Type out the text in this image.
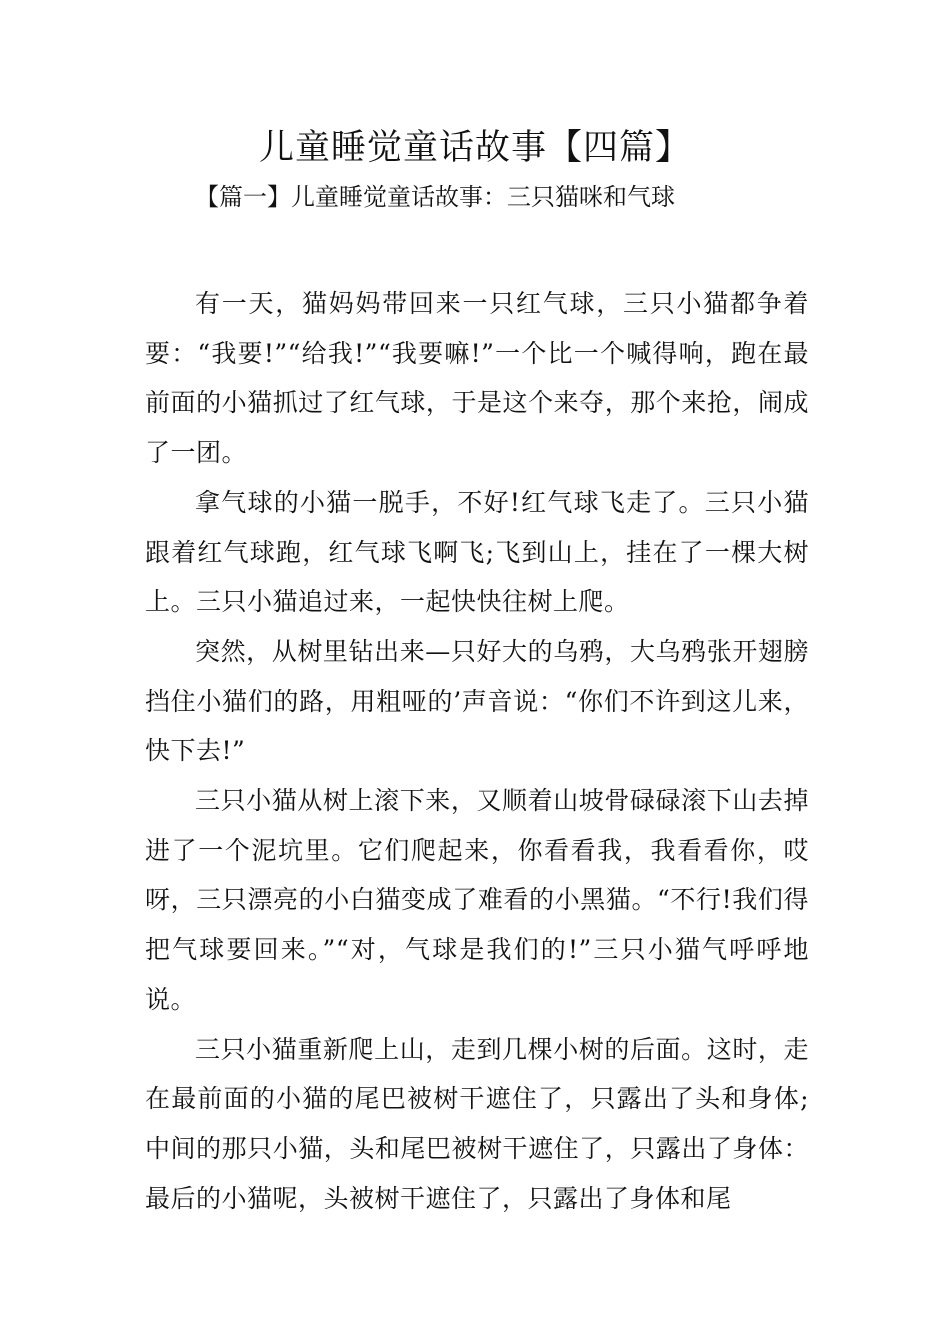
儿童睡觉童话故事【四篇】

【篇一】儿童睡觉童话故事：三只猫咪和气球

有一天，猫妈妈带回来一只红气球，三只小猫都争着要：“我要!”“给我!”“我要嘛!”一个比一个喊得响，跑在最前面的小猫抓过了红气球，于是这个来夺，那个来抢，闹成了一团。

拿气球的小猫一脱手，不好!红气球飞走了。三只小猫跟着红气球跑，红气球飞啊飞;飞到山上，挂在了一棵大树上。三只小猫追过来，一起快快往树上爬。

突然，从树里钻出来—只好大的乌鸦，大乌鸦张开翅膀挡住小猫们的路，用粗哑的’声音说：“你们不许到这儿来，快下去!”

三只小猫从树上滚下来，又顺着山坡骨碌碌滚下山去掉进了一个泥坑里。它们爬起来，你看看我，我看看你，哎呀，三只漂亮的小白猫变成了难看的小黑猫。“不行!我们得把气球要回来。”“对，气球是我们的!”三只小猫气呼呼地说。

三只小猫重新爬上山，走到几棵小树的后面。这时，走在最前面的小猫的尾巴被树干遮住了，只露出了头和身体;中间的那只小猫，头和尾巴被树干遮住了，只露出了身体：最后的小猫呢，头被树干遮住了，只露出了身体和尾
